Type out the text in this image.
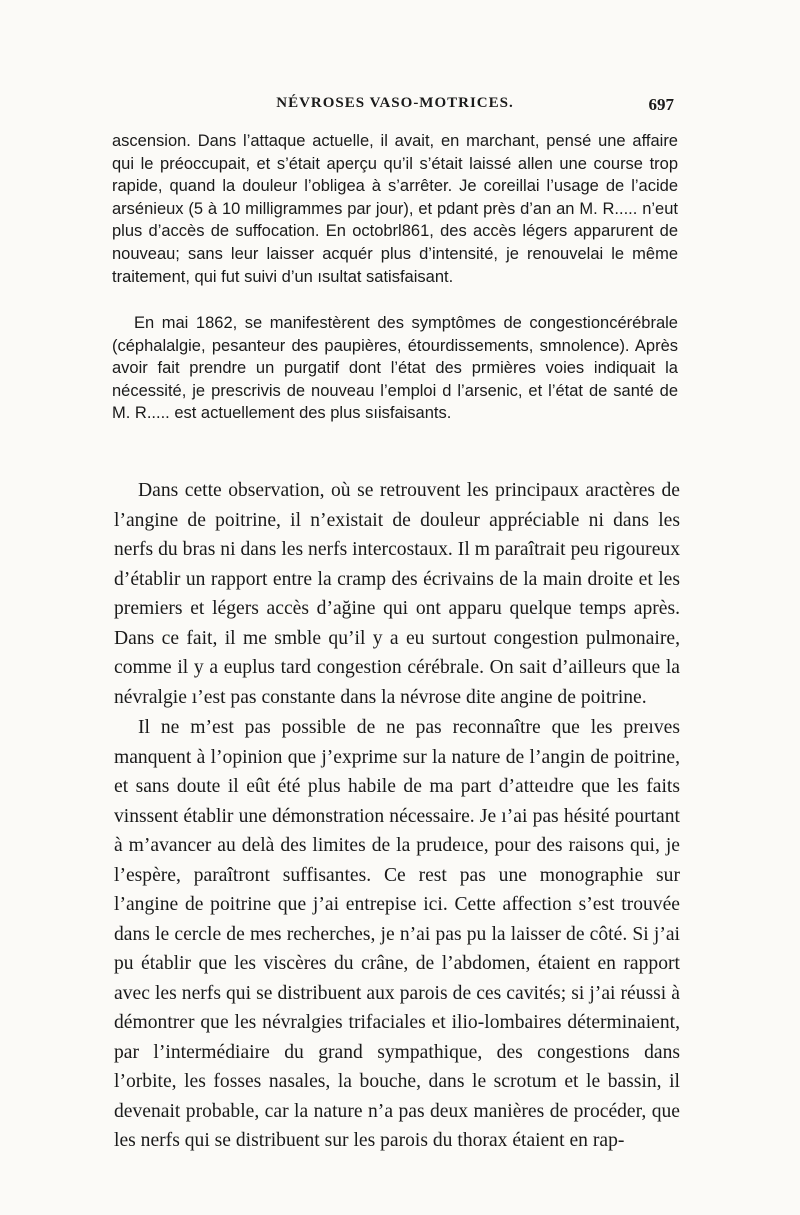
NÉVROSES VASO-MOTRICES.	697

ascension. Dans l’attaque actuelle, il avait, en marchant, pensé une affaire qui le préoccupait, et s’était aperçu qu’il s’était laissé allen une course trop rapide, quand la douleur l’obligea à s’arrêter. Je coreillai l’usage de l’acide arsénieux (5 à 10 milligrammes par jour), et pdant près d’an an M. R..... n’eut plus d’accès de suffocation. En octobrl861, des accès légers apparurent de nouveau; sans leur laisser acquér plus d’intensité, je renouvelai le même traitement, qui fut suivi d’un ısultat satisfaisant.

En mai 1862, se manifestèrent des symptômes de congestioncérébrale (céphalalgie, pesanteur des paupières, étourdissements, smnolence). Après avoir fait prendre un purgatif dont l’état des prmières voies indiquait la nécessité, je prescrivis de nouveau l’emploi d l’arsenic, et l’état de santé de M. R..... est actuellement des plus sıisfaisants.

Dans cette observation, où se retrouvent les principaux aractères de l’angine de poitrine, il n’existait de douleur appréciable ni dans les nerfs du bras ni dans les nerfs intercostaux. Il m paraîtrait peu rigoureux d’établir un rapport entre la cramp des écrivains de la main droite et les premiers et légers accès d’ağine qui ont apparu quelque temps après. Dans ce fait, il me smble qu’il y a eu surtout congestion pulmonaire, comme il y a euplus tard congestion cérébrale. On sait d’ailleurs que la névralgie ı’est pas constante dans la névrose dite angine de poitrine.

Il ne m’est pas possible de ne pas reconnaître que les preıves manquent à l’opinion que j’exprime sur la nature de l’angin de poitrine, et sans doute il eût été plus habile de ma part d’atteıdre que les faits vinssent établir une démonstration nécessaire. Je ı’ai pas hésité pourtant à m’avancer au delà des limites de la prudeıce, pour des raisons qui, je l’espère, paraîtront suffisantes. Ce rest pas une monographie sur l’angine de poitrine que j’ai entrepise ici. Cette affection s’est trouvée dans le cercle de mes recherches, je n’ai pas pu la laisser de côté. Si j’ai pu établir que les viscères du crâne, de l’abdomen, étaient en rapport avec les nerfs qui se distribuent aux parois de ces cavités; si j’ai réussi à démontrer que les névralgies trifaciales et ilio-lombaires déterminaient, par l’intermédiaire du grand sympathique, des congestions dans l’orbite, les fosses nasales, la bouche, dans le scrotum et le bassin, il devenait probable, car la nature n’a pas deux manières de procéder, que les nerfs qui se distribuent sur les parois du thorax étaient en rap-
